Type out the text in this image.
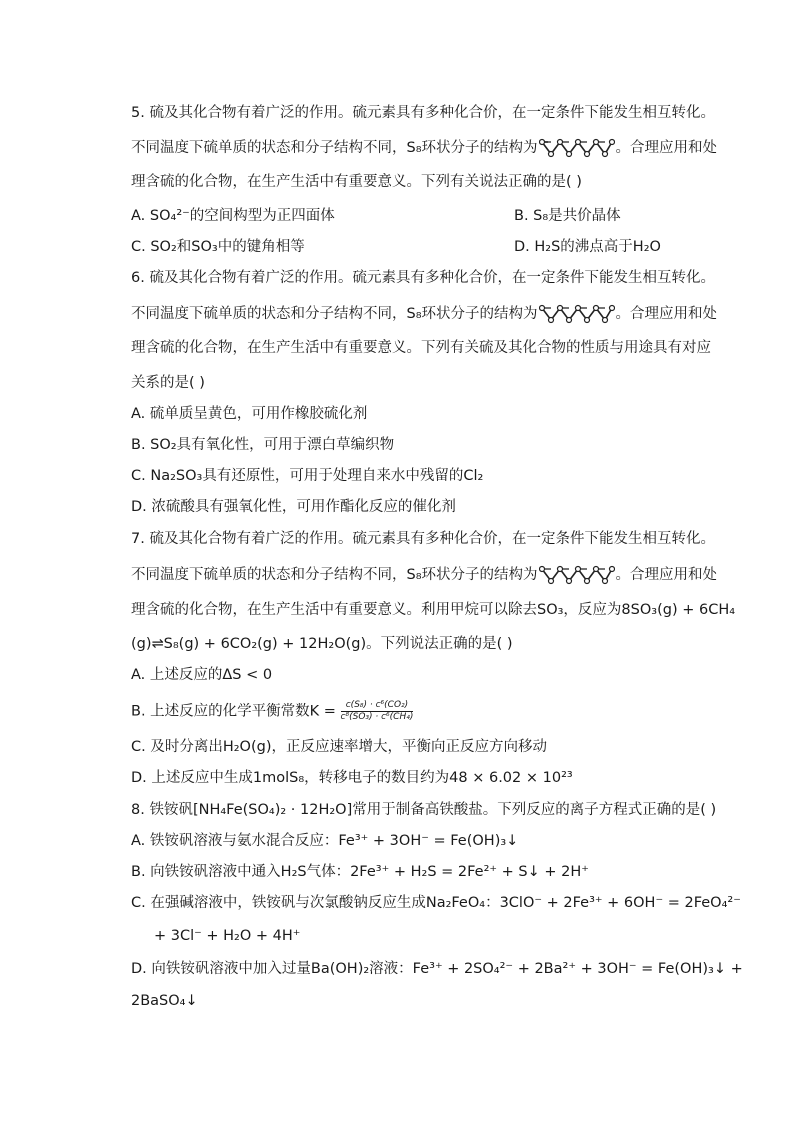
5. 硫及其化合物有着广泛的作用。硫元素具有多种化合价，在一定条件下能发生相互转化。
不同温度下硫单质的状态和分子结构不同，S₈环状分子的结构为	。合理应用和处
理含硫的化合物，在生产生活中有重要意义。下列有关说法正确的是( )
A. SO₄²⁻的空间构型为正四面体	B. S₈是共价晶体
C. SO₂和SO₃中的键角相等	D. H₂S的沸点高于H₂O
6. 硫及其化合物有着广泛的作用。硫元素具有多种化合价，在一定条件下能发生相互转化。
不同温度下硫单质的状态和分子结构不同，S₈环状分子的结构为	。合理应用和处
理含硫的化合物，在生产生活中有重要意义。下列有关硫及其化合物的性质与用途具有对应
关系的是( )
A. 硫单质呈黄色，可用作橡胶硫化剂
B. SO₂具有氧化性，可用于漂白草编织物
C. Na₂SO₃具有还原性，可用于处理自来水中残留的Cl₂
D. 浓硫酸具有强氧化性，可用作酯化反应的催化剂
7. 硫及其化合物有着广泛的作用。硫元素具有多种化合价，在一定条件下能发生相互转化。
不同温度下硫单质的状态和分子结构不同，S₈环状分子的结构为	。合理应用和处
理含硫的化合物，在生产生活中有重要意义。利用甲烷可以除去SO₃，反应为8SO₃(g) + 6CH₄
(g)⇌S₈(g) + 6CO₂(g) + 12H₂O(g)。下列说法正确的是( )
A. 上述反应的ΔS < 0
B. 上述反应的化学平衡常数$K = \frac{\text{c(S₈) · c⁶(CO₂)}}{\text{c⁸(SO₃) · c⁶(CH₄)}}$
C. 及时分离出H₂O(g)，正反应速率增大，平衡向正反应方向移动
D. 上述反应中生成1molS₈，转移电子的数目约为48 × 6.02 × 10²³
8. 铁铵矾[NH₄Fe(SO₄)₂ · 12H₂O]常用于制备高铁酸盐。下列反应的离子方程式正确的是( )
A. 铁铵矾溶液与氨水混合反应：Fe³⁺ + 3OH⁻ = Fe(OH)₃↓
B. 向铁铵矾溶液中通入H₂S气体：2Fe³⁺ + H₂S = 2Fe²⁺ + S↓ + 2H⁺
C. 在强碱溶液中，铁铵矾与次氯酸钠反应生成Na₂FeO₄：3ClO⁻ + 2Fe³⁺ + 6OH⁻ = 2FeO₄²⁻
+ 3Cl⁻ + H₂O + 4H⁺
D. 向铁铵矾溶液中加入过量Ba(OH)₂溶液：Fe³⁺ + 2SO₄²⁻ + 2Ba²⁺ + 3OH⁻ = Fe(OH)₃↓ +
2BaSO₄↓
